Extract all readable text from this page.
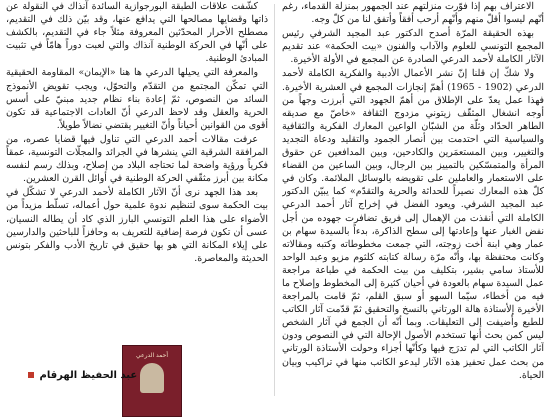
الاعتراف بهم إذا فوّرت منزلتهم عند الجمهور بمنزلة القدماء، رغم أنّهم ليسوا أقلّ منهم وأنّهم أرحب أفقاً وأتفق لنا من كلّ وجه.

بهذه الحقيقة المرّة أصدح الدكتور عبد المجيد الشرفي رئيس المجمع التونسي للعلوم والآداب والفنون «بيت الحكمة» عند تقديم الآثار الكاملة لأحمد الدرعي الصادرة عن المجمع في الأولة الأخيرة.

ولا شكّ إن قلنا إنّ نشر الأعمال الأدبية والفكرية الكاملة لأحمد الدرعي (1902 - 1965) أهمّ إنجازات المجمع في العشرية الأخيرة. فهذا عمل يعدّ على الإطلاق من أهمّ الجهود التي أبرزت وجهاً من أوجه انشغال المثقّف زيتوني مزدوج الثقافة «خاصّ مع صديقه الطاهر الحدّاد وثلّة من الشبّان الواعين المعارك الفكرية والثقافية والسياسية التي احتدمت بين أنصار الجمود والتقليد ودعاة التجديد والتغيير، وبين المستعمَرين والكادحين، وبين المدافعين عن حقوق المرأة والمتمسّكين بالتمييز بين الرجال، وبين الساعين من القضاء على الاستعمار والعاملين على تقويضه بالوسائل الملائمة. وكان في كلّ هذه المعارك نصيراً للحداثة والحرية والتقدّم» كما يبيّن الدكتور عبد المجيد الشرفي. ويعود الفضل في إخراج آثار أحمد الدرعي الكاملة التي أنقذت من الإهمال إلى فريق تضافرت جهوده من أجل نفض الغبار عنها وإعادتها إلى سطح الذاكرة، بدءاً بالسيدة سهام بن عمار وهي ابنة أخت زوجته، التي جمعت مخطوطاته وكتبه ومقالاته وكانت محتفظة بها، وأنّه مرّة رسالة كتابته كلثوم مزيو وعبد الواحد للأستاذ سامي بشير، بتكليف من بيت الحكمة في طباعة مراجعة عمل السيدة سهام بالعودة في أحيان كثيرة إلى المخطوط وإصلاح ما فيه من أخطاء، سيّما السهو أو سبق القلم، ثمّ قامت بالمراجعة الأخيرة الأستاذة هالة الورتاني بالنسخ والتحقيق ثمّ قدّمت آثار الكاتب للطبع وأُضيفت إلى التعليقات. وبما أنّه أن الجمع في آثار الشخص ليس كمن بحث أنها تستخدم الأصول الإحالة التي في النصوص ودون آثار الكاتب التي لم تدرَج فيها وكأنّها أجزاء وحولت الأستاذة الورتاني من بحث عمل تحفيز هذه الآثار ليدعو الكاتب منها في تراكيب وبيان الحياة.

كشّفت علاقات الطبقة البورجوازية السائدة آنذاك في النقولة عن ذاتها وقضايها مصالحها التي يدافع عنها، وقد بيّن ذلك في التقديم، مصطلح الأحرار المحدّثين المعروفة مثلاً جاء في التقديم، بالكشف على أنّها في الحركة الوطنية آنذاك والتي لعبت دوراً هامّاً في تثبيت المبادئ الوطنية.

والمعرفة التي يحيلها الدرعي ها هنا «الإيمان» المقاومة الحقيقية التي تمكّن المجتمع من التقدّم والتحوّل، ويجب تقويض الأنموذج السائد من النصوص، ثمّ إعادة بناء نظام جديد مبنيّ على أسس الحرية والعقل وقد لاحظ الدرعي أنّ العادات الاجتماعية قد تكون أقوى من القوانين أحياناً وأنّ التغيير يقتضي نضالاً طويلاً.

عرفت مقالات أحمد الدرعي التي تناول فيها قضايا عصره، من المرافقة الشرقية التي ينشرها في الجرائد والمجلّات التونسية، عمقاً فكرياً ورؤية واضحة لما تحتاجه البلاد من إصلاح، وبذلك رسم لنفسه مكانة بين أبرز مثقّفي الحركة الوطنية في أوائل القرن العشرين.

بعد هذا الجهد نرى أنّ الآثار الكاملة لأحمد الدرعي لا تشكّل في بيت الحكمة سوى لتنظيم ندوة علمية حول أعماله، تسلّط مزيداً من الأضواء على هذا العلم التونسي البارز الذي كاد أن يطاله النسيان، عسى أن تكون فرصة إضافية للتعريف به وحافزاً للباحثين والدارسين على إيلاء المكانة التي هو بها حقيق في تاريخ الأدب والفكر بتونس الحديثة والمعاصرة.

أحمد الدرعي
عبد الحفيظ الهرقام
